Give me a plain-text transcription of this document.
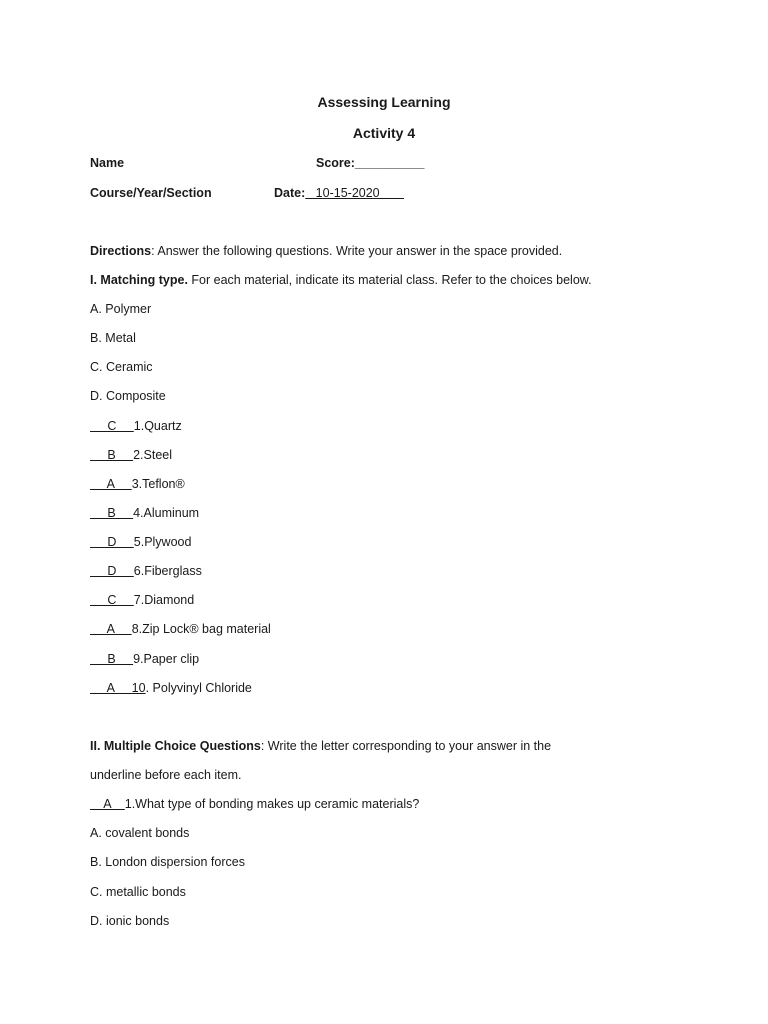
Assessing Learning
Activity 4
Name	Score:__________
Course/Year/Section	Date:   10-15-2020
Directions: Answer the following questions. Write your answer in the space provided.
I. Matching type. For each material, indicate its material class. Refer to the choices below.
A. Polymer
B. Metal
C. Ceramic
D. Composite
C     1.Quartz
B     2.Steel
A     3.Teflon®
B     4.Aluminum
D     5.Plywood
D     6.Fiberglass
C     7.Diamond
A     8.Zip Lock® bag material
B     9.Paper clip
A     10. Polyvinyl Chloride
II. Multiple Choice Questions: Write the letter corresponding to your answer in the
underline before each item.
A    1.What type of bonding makes up ceramic materials?
A. covalent bonds
B. London dispersion forces
C. metallic bonds
D. ionic bonds
